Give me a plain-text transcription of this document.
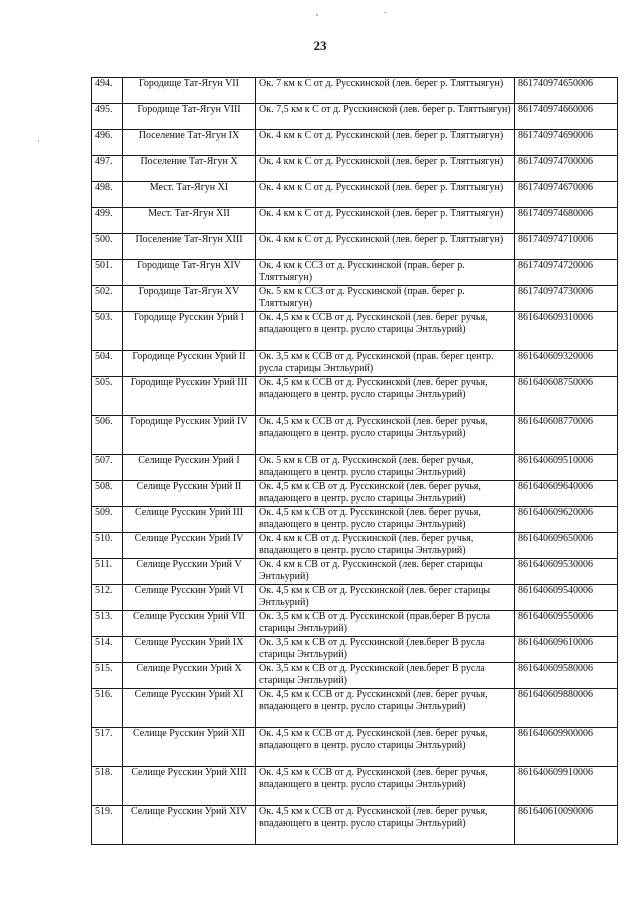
23
494.	Городище Тат-Ягун VII	Ок. 7 км к С от д. Русскинской (лев. берег р. Тлятты́ягун)	861740974650006
495.	Городище Тат-Ягун VIII	Ок. 7,5 км к С от д. Русскинской (лев. берег р. Тляттыягун)	861740974660006
496.	Поселение Тат-Ягун IX	Ок. 4 км к С от д. Русскинской (лев. берег р. Тляттыягун)	861740974690006
497.	Поселение Тат-Ягун X	Ок. 4 км к С от д. Русскинской (лев. берег р. Тляттыягун)	861740974700006
498.	Мест. Тат-Ягун XI	Ок. 4 км к С от д. Русскинской (лев. берег р. Тляттыягун)	861740974670006
499.	Мест. Тат-Ягун XII	Ок. 4 км к С от д. Русскинской (лев. берег р. Тляттыягун)	861740974680006
500.	Поселение Тат-Ягун XIII	Ок. 4 км к С от д. Русскинской (лев. берег р. Тляттыягун)	861740974710006
501.	Городище Тат-Ягун XIV	Ок. 4 км к ССЗ от д. Русскинской (прав. берег р. Тляттыягун)	861740974720006
502.	Городище Тат-Ягун XV	Ок. 5 км к ССЗ от д. Русскинской (прав. берег р. Тляттыягун)	861740974730006
503.	Городище Русскин Урий I	Ок. 4,5 км к ССВ от д. Русскинской (лев. берег ручья, впадающего в центр. русло старицы Энтльурий)	861640609310006
504.	Городище Русскин Урий II	Ок. 3,5 км к ССВ от д. Русскинской (прав. берег центр. русла старицы Энтльурий)	861640609320006
505.	Городище Русскин Урий III	Ок. 4,5 км к ССВ от д. Русскинской (лев. берег ручья, впадающего в центр. русло старицы Энтльурий)	861640608750006
506.	Городище Русскин Урий IV	Ок. 4,5 км к ССВ от д. Русскинской (лев. берег ручья, впадающего в центр. русло старицы Энтльурий)	861640608770006
507.	Селище Русскин Урий I	Ок. 5 км к СВ от д. Русскинской (лев. берег ручья, впадающего в центр. русло старицы Энтльурий)	861640609510006
508.	Селище Русскин Урий II	Ок. 4,5 км к СВ от д. Русскинской (лев. берег ручья, впадающего в центр. русло старицы Энтльурий)	861640609640006
509.	Селище Русскин Урий III	Ок. 4,5 км к СВ от д. Русскинской (лев. берег ручья, впадающего в центр. русло старицы Энтльурий)	861640609620006
510.	Селище Русскин Урий IV	Ок. 4 км к СВ от д. Русскинской (лев. берег ручья, впадающего в центр. русло старицы Энтльурий)	861640609650006
511.	Селище Русскин Урий V	Ок. 4 км к СВ от д. Русскинской (лев. берег старицы Энтльурий)	861640609530006
512.	Селище Русскин Урий VI	Ок. 4,5 км к СВ от д. Русскинской (лев. берег старицы Энтльурий)	861640609540006
513.	Селище Русскин Урий VII	Ок. 3,5 км к СВ от д. Русскинской (прав.берег В русла старицы Энтльурий)	861640609550006
514.	Селище Русскин Урий IX	Ок. 3,5 км к СВ от д. Русскинской (лев.берег В русла старицы Энтльурий)	861640609610006
515.	Селище Русскин Урий X	Ок. 3,5 км к СВ от д. Русскинской (лев.берег В русла старицы Энтльурий)	861640609580006
516.	Селище Русскин Урий XI	Ок. 4,5 км к ССВ от д. Русскинской (лев. берег ручья, впадающего в центр. русло старицы Энтльурий)	861640609880006
517.	Селище Русскин Урий XII	Ок. 4,5 км к ССВ от д. Русскинской (лев. берег ручья, впадающего в центр. русло старицы Энтльурий)	861640609900006
518.	Селище Русскин Урий XIII	Ок. 4,5 км к ССВ от д. Русскинской (лев. берег ручья, впадающего в центр. русло старицы Энтльурий)	861640609910006
519.	Селище Русскин Урий XIV	Ок. 4,5 км к ССВ от д. Русскинской (лев. берег ручья, впадающего в центр. русло старицы Энтльурий)	861640610090006
